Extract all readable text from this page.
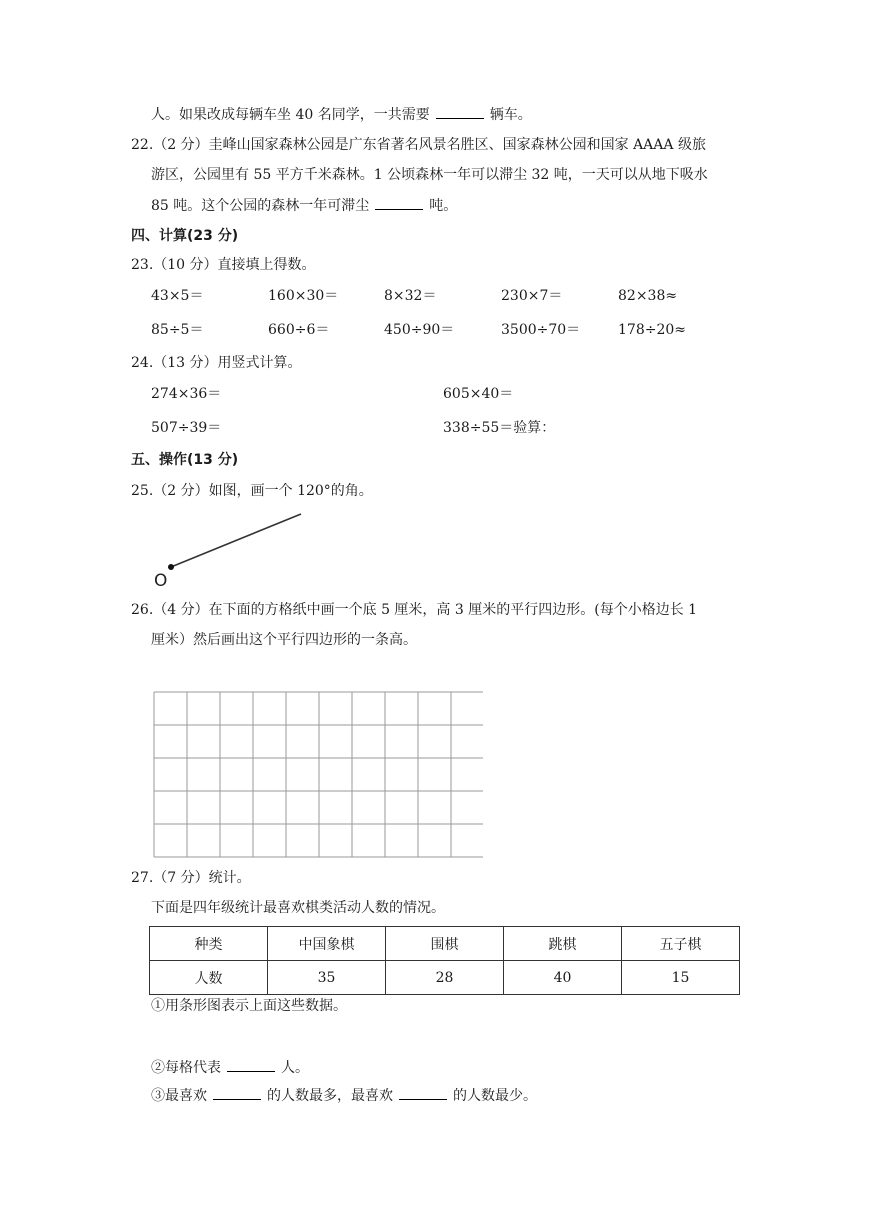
人。如果改成每辆车坐 40 名同学，一共需要	辆车。
22.（2 分）圭峰山国家森林公园是广东省著名风景名胜区、国家森林公园和国家 AAAA 级旅
游区，公园里有 55 平方千米森林。1 公顷森林一年可以滞尘 32 吨，一天可以从地下吸水
85 吨。这个公园的森林一年可滞尘	吨。
四、计算(23 分)
23.（10 分）直接填上得数。
43×5＝	160×30＝	8×32＝	230×7＝	82×38≈
85÷5＝	660÷6＝	450÷90＝	3500÷70＝	178÷20≈
24.（13 分）用竖式计算。
274×36＝	605×40＝
507÷39＝	338÷55＝验算：
五、操作(13 分)
25.（2 分）如图，画一个 120°的角。
O
26.（4 分）在下面的方格纸中画一个底 5 厘米，高 3 厘米的平行四边形。(每个小格边长 1
厘米）然后画出这个平行四边形的一条高。
27.（7 分）统计。
下面是四年级统计最喜欢棋类活动人数的情况。
种类	中国象棋	围棋	跳棋	五子棋
人数	35	28	40	15
①用条形图表示上面这些数据。
②每格代表	人。
③最喜欢	的人数最多，最喜欢	的人数最少。
